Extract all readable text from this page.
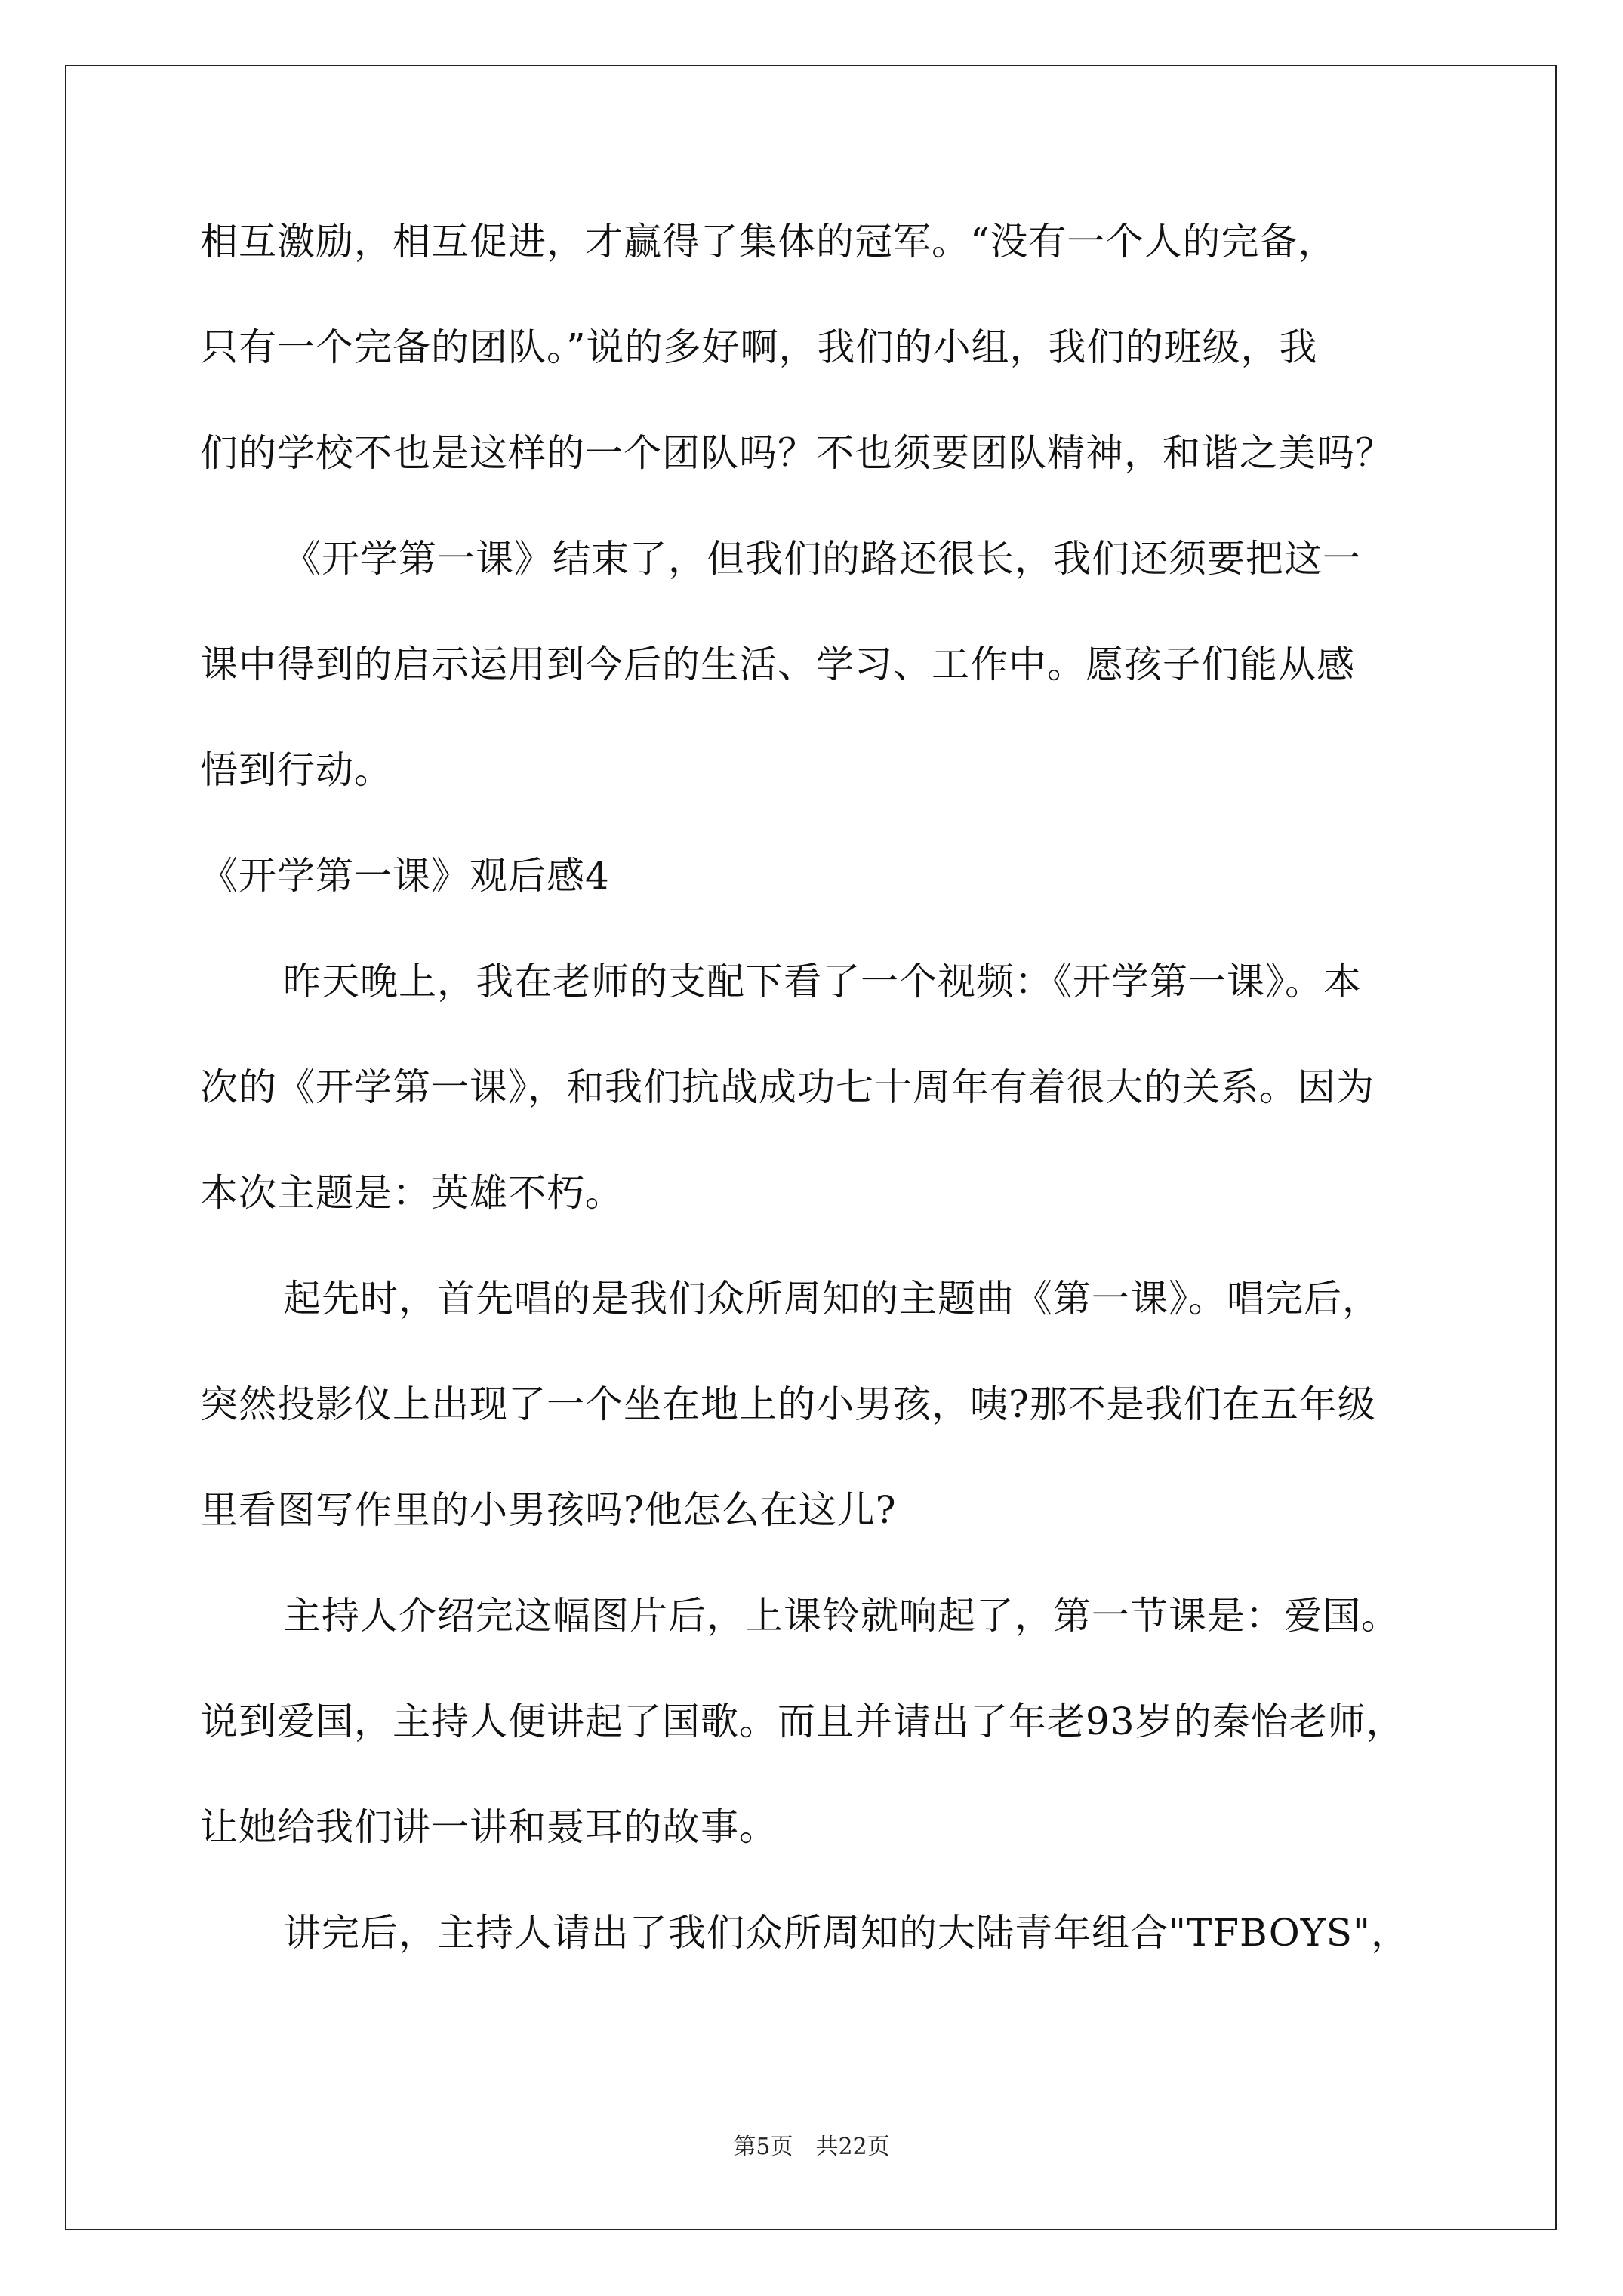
相互激励，相互促进，才赢得了集体的冠军。“没有一个人的完备，
只有一个完备的团队。”说的多好啊，我们的小组，我们的班级，我
们的学校不也是这样的一个团队吗？不也须要团队精神，和谐之美吗？
《开学第一课》结束了，但我们的路还很长，我们还须要把这一
课中得到的启示运用到今后的生活、学习、工作中。愿孩子们能从感
悟到行动。
《开学第一课》观后感4
昨天晚上，我在老师的支配下看了一个视频：《开学第一课》。本
次的《开学第一课》，和我们抗战成功七十周年有着很大的关系。因为
本次主题是：英雄不朽。
起先时，首先唱的是我们众所周知的主题曲《第一课》。唱完后，
突然投影仪上出现了一个坐在地上的小男孩，咦?那不是我们在五年级
里看图写作里的小男孩吗?他怎么在这儿?
主持人介绍完这幅图片后，上课铃就响起了，第一节课是：爱国。
说到爱国，主持人便讲起了国歌。而且并请出了年老93岁的秦怡老师，
让她给我们讲一讲和聂耳的故事。
讲完后，主持人请出了我们众所周知的大陆青年组合"TFBOYS"，
第5页 共22页
